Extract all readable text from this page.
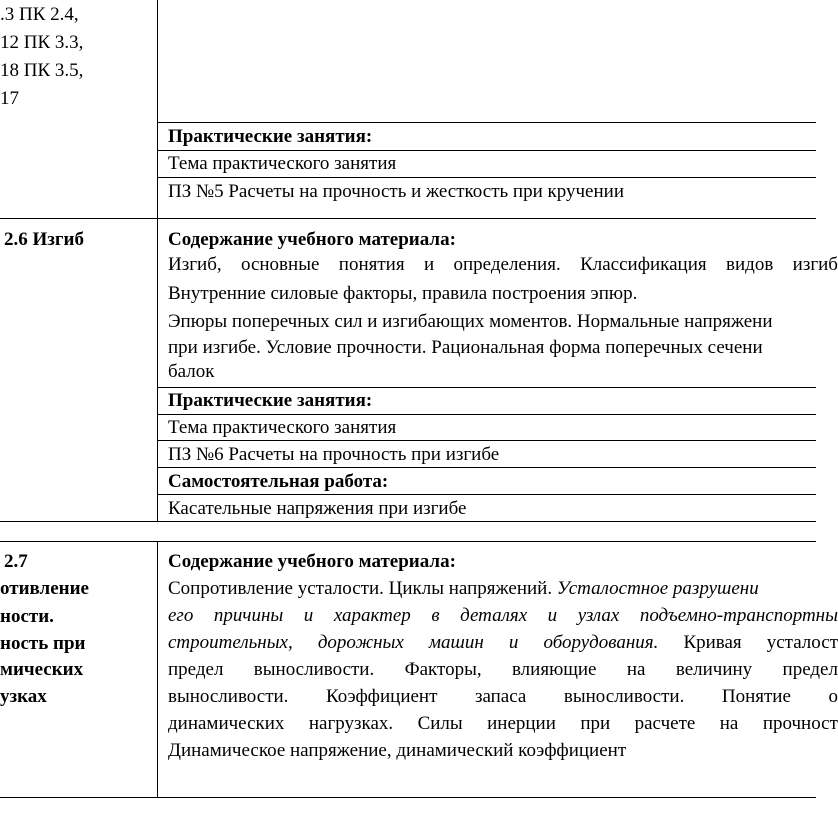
.3 ПК 2.4,
12 ПК 3.3,
18 ПК 3.5,
17
Практические занятия:
Тема практического занятия
ПЗ №5 Расчеты на прочность и жесткость при кручении
2.6 Изгиб	Содержание учебного материала:
Изгиб, основные понятия и определения. Классификация видов изгиб
Внутренние силовые факторы, правила построения эпюр.
Эпюры поперечных сил и изгибающих моментов. Нормальные напряжени
при изгибе. Условие прочности. Рациональная форма поперечных сечени
балок
Практические занятия:
Тема практического занятия
ПЗ №6 Расчеты на прочность при изгибе
Самостоятельная работа:
Касательные напряжения при изгибе
2.7
отивление
ности.
ность при
мических
узках
Содержание учебного материала:
Сопротивление усталости. Циклы напряжений. Усталостное разрушени
его причины и характер в деталях и узлах подъемно-транспортны
строительных, дорожных машин и оборудования. Кривая усталост
предел выносливости. Факторы, влияющие на величину предел
выносливости. Коэффициент запаса выносливости. Понятие о
динамических нагрузках. Силы инерции при расчете на прочност
Динамическое напряжение, динамический коэффициент
